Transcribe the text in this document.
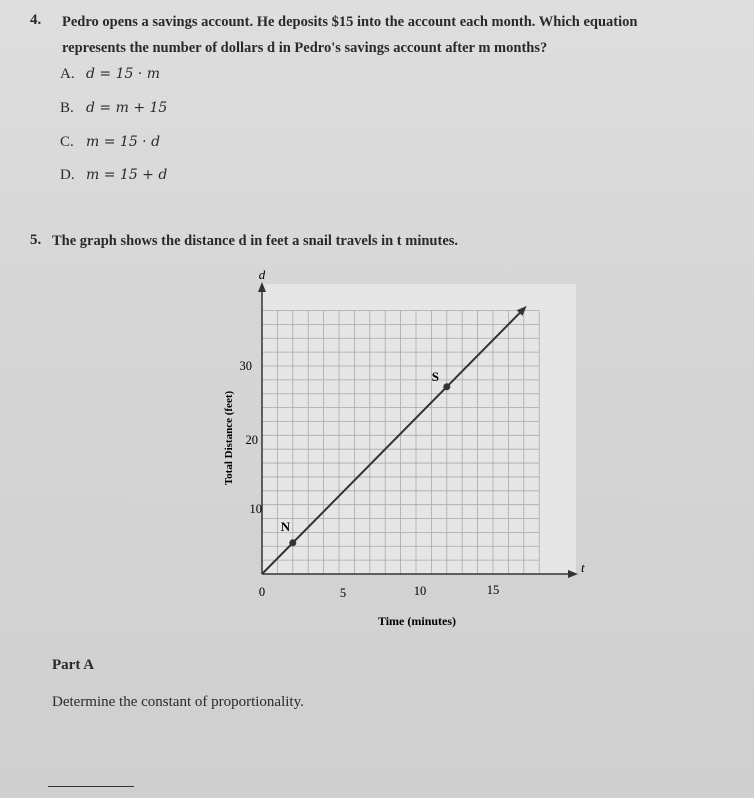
4. Pedro opens a savings account. He deposits $15 into the account each month. Which equation
represents the number of dollars d in Pedro's savings account after m months?
A. d = 15 · m
B. d = m + 15
C. m = 15 · d
D. m = 15 + d
5. The graph shows the distance d in feet a snail travels in t minutes.
d
t
30
20
10
0	5	10	15
Total Distance (feet)
Time (minutes)
N
S
Part A
Determine the constant of proportionality.
